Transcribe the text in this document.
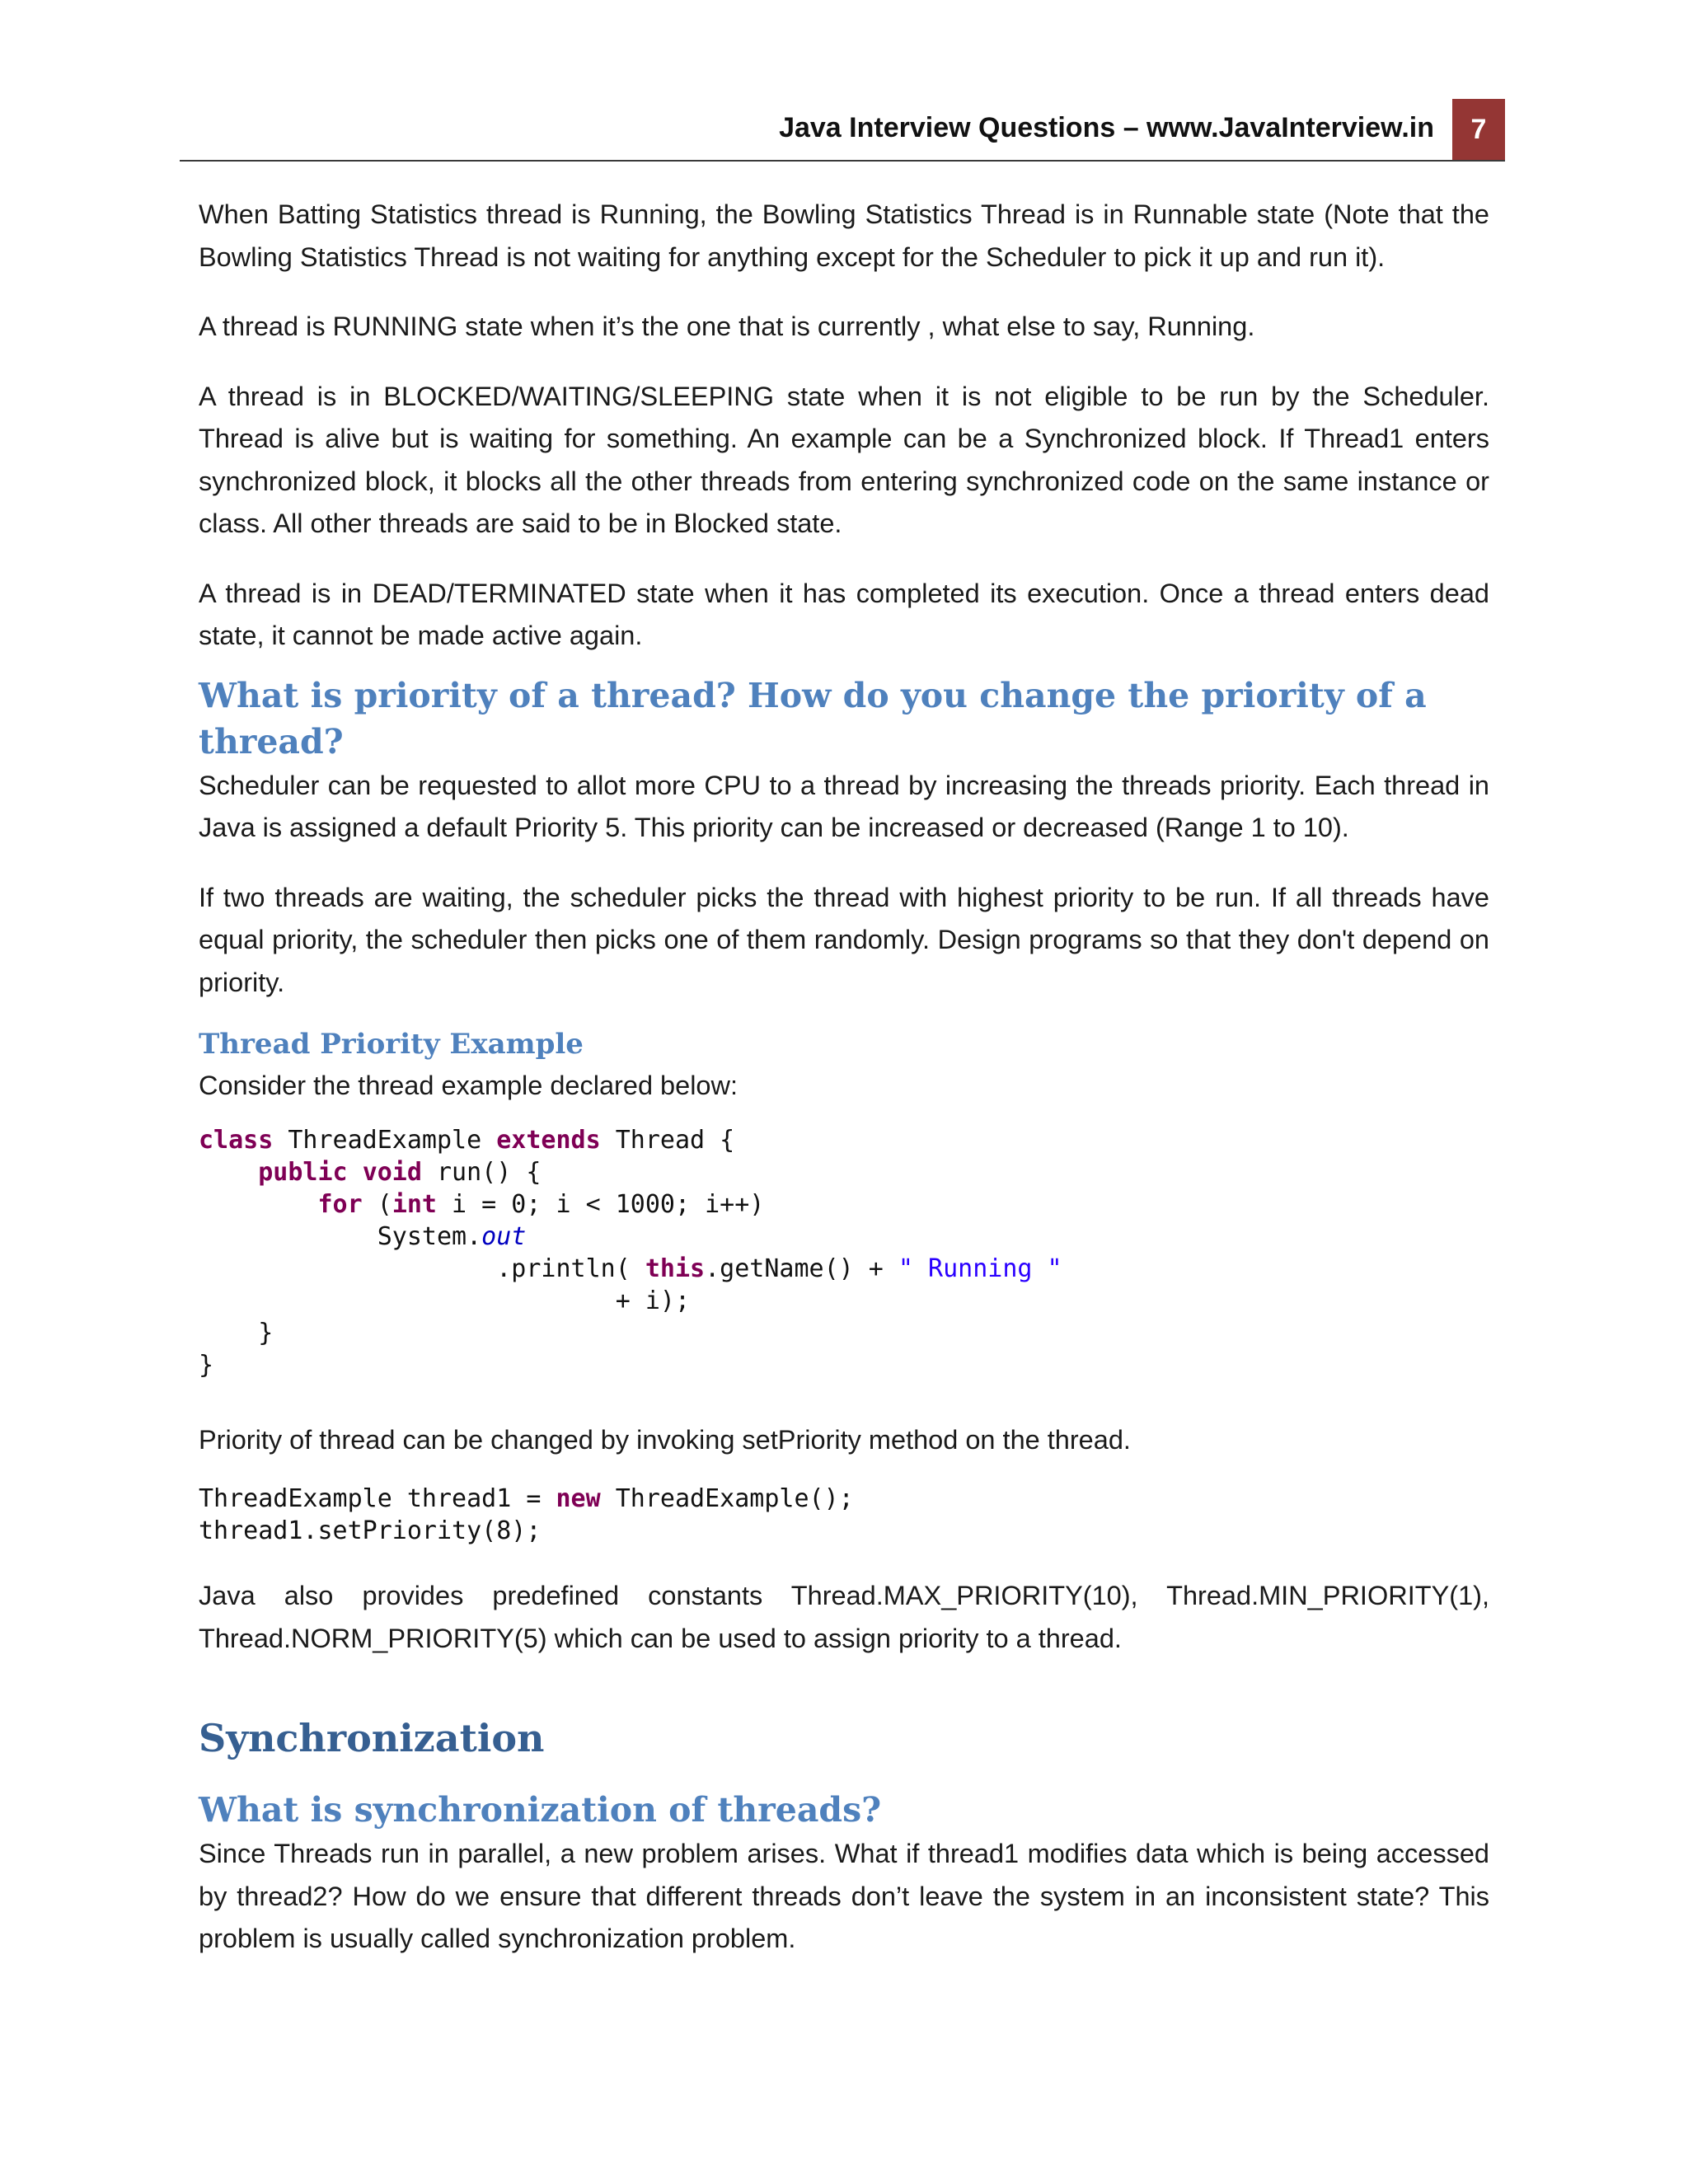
Java Interview Questions – www.JavaInterview.in	7

When Batting Statistics thread is Running, the Bowling Statistics Thread is in Runnable state (Note that the Bowling Statistics Thread is not waiting for anything except for the Scheduler to pick it up and run it).

A thread is RUNNING state when it’s the one that is currently , what else to say, Running.

A thread is in BLOCKED/WAITING/SLEEPING state when it is not eligible to be run by the Scheduler. Thread is alive but is waiting for something. An example can be a Synchronized block. If Thread1 enters synchronized block, it blocks all the other threads from entering synchronized code on the same instance or class. All other threads are said to be in Blocked state.

A thread is in DEAD/TERMINATED state when it has completed its execution. Once a thread enters dead state, it cannot be made active again.

What is priority of a thread? How do you change the priority of a thread?

Scheduler can be requested to allot more CPU to a thread by increasing the threads priority. Each thread in Java is assigned a default Priority 5. This priority can be increased or decreased (Range 1 to 10).

If two threads are waiting, the scheduler picks the thread with highest priority to be run. If all threads have equal priority, the scheduler then picks one of them randomly. Design programs so that they don't depend on priority.

Thread Priority Example

Consider the thread example declared below:

class ThreadExample extends Thread {
public void run() {
for (int i = 0; i < 1000; i++)
System.out
.println( this.getName() + " Running "
+ i);
}
}

Priority of thread can be changed by invoking setPriority method on the thread.

ThreadExample thread1 = new ThreadExample();
thread1.setPriority(8);

Java also provides predefined constants Thread.MAX_PRIORITY(10), Thread.MIN_PRIORITY(1), Thread.NORM_PRIORITY(5) which can be used to assign priority to a thread.

Synchronization
What is synchronization of threads?

Since Threads run in parallel, a new problem arises. What if thread1 modifies data which is being accessed by thread2? How do we ensure that different threads don’t leave the system in an inconsistent state? This problem is usually called synchronization problem.
